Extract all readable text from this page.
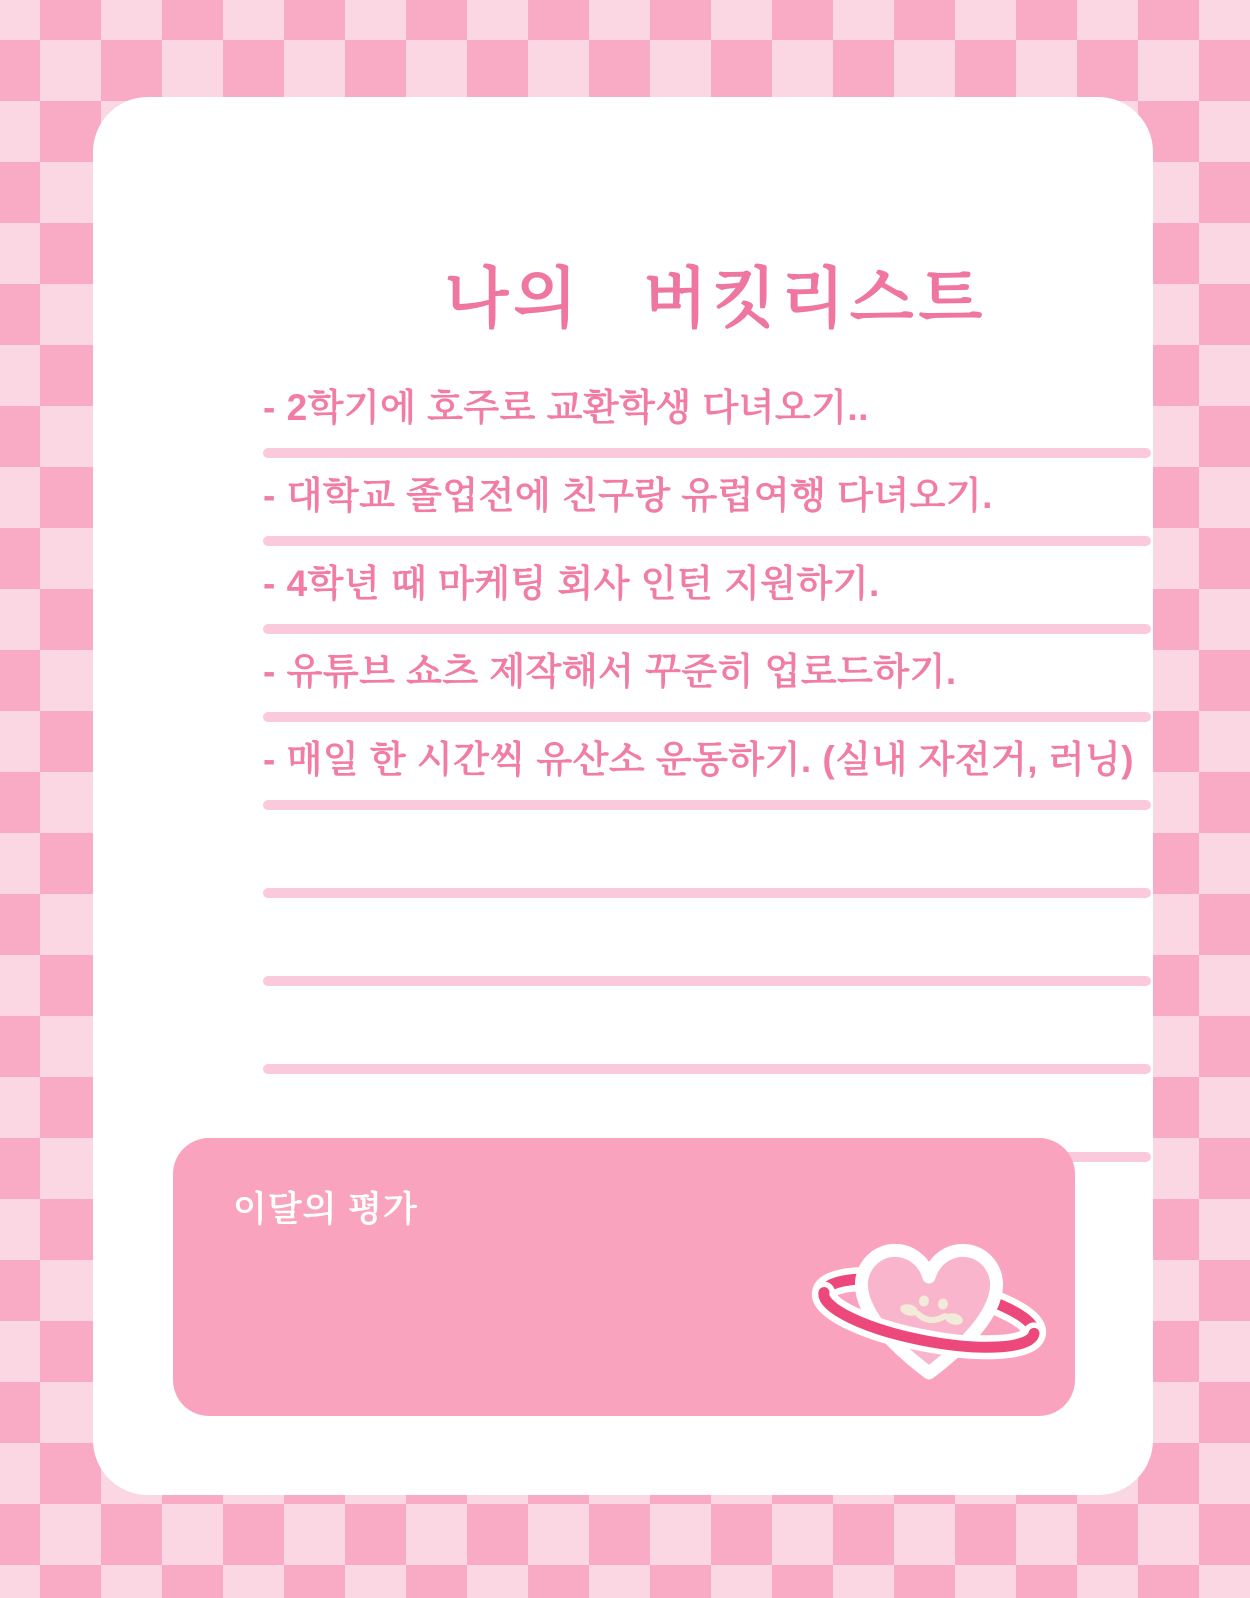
나의 버킷리스트
- 2학기에 호주로 교환학생 다녀오기..
- 대학교 졸업전에 친구랑 유럽여행 다녀오기.
- 4학년 때 마케팅 회사 인턴 지원하기.
- 유튜브 쇼츠 제작해서 꾸준히 업로드하기.
- 매일 한 시간씩 유산소 운동하기. (실내 자전거, 러닝)
이달의 평가
